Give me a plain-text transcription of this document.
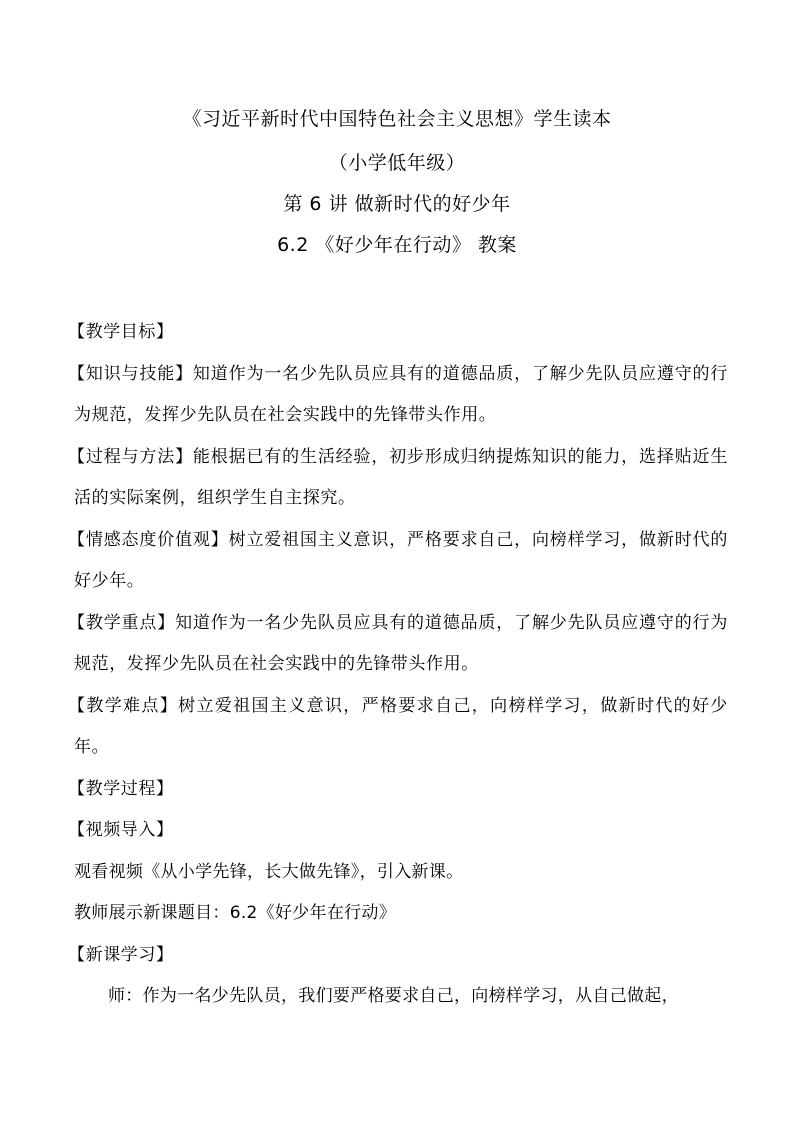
《习近平新时代中国特色社会主义思想》学生读本
（小学低年级）
第 6 讲 做新时代的好少年
6.2 《好少年在行动》 教案

【教学目标】

【知识与技能】知道作为一名少先队员应具有的道德品质，了解少先队员应遵守的行为规范，发挥少先队员在社会实践中的先锋带头作用。

【过程与方法】能根据已有的生活经验，初步形成归纳提炼知识的能力，选择贴近生活的实际案例，组织学生自主探究。

【情感态度价值观】树立爱祖国主义意识，严格要求自己，向榜样学习，做新时代的好少年。

【教学重点】知道作为一名少先队员应具有的道德品质，了解少先队员应遵守的行为规范，发挥少先队员在社会实践中的先锋带头作用。

【教学难点】树立爱祖国主义意识，严格要求自己，向榜样学习，做新时代的好少年。

【教学过程】

【视频导入】

观看视频《从小学先锋，长大做先锋》，引入新课。

教师展示新课题目：6.2《好少年在行动》

【新课学习】

师：作为一名少先队员，我们要严格要求自己，向榜样学习，从自己做起，
